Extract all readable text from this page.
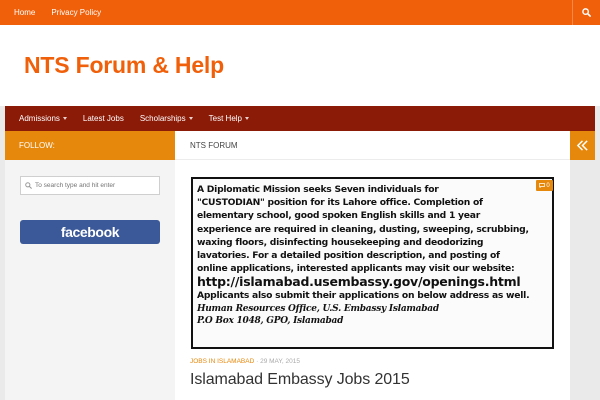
Home	Privacy Policy
NTS Forum & Help
Admissions	Latest Jobs Scholarships	Test Help
FOLLOW:
To search type and hit enter
facebook
NTS FORUM
A Diplomatic Mission seeks Seven individuals for
"CUSTODIAN" position for its Lahore office. Completion of
elementary school, good spoken English skills and 1 year
experience are required in cleaning, dusting, sweeping, scrubbing,
waxing floors, disinfecting housekeeping and deodorizing
lavatories. For a detailed position description, and posting of
online applications, interested applicants may visit our website:

http://islamabad.usembassy.gov/openings.html
Applicants also submit their applications on below address as well.

Human Resources Office, U.S. Embassy Islamabad
P.O Box 1048, GPO, Islamabad
0
JOBS IN ISLAMABAD · 29 MAY, 2015
Islamabad Embassy Jobs 2015
